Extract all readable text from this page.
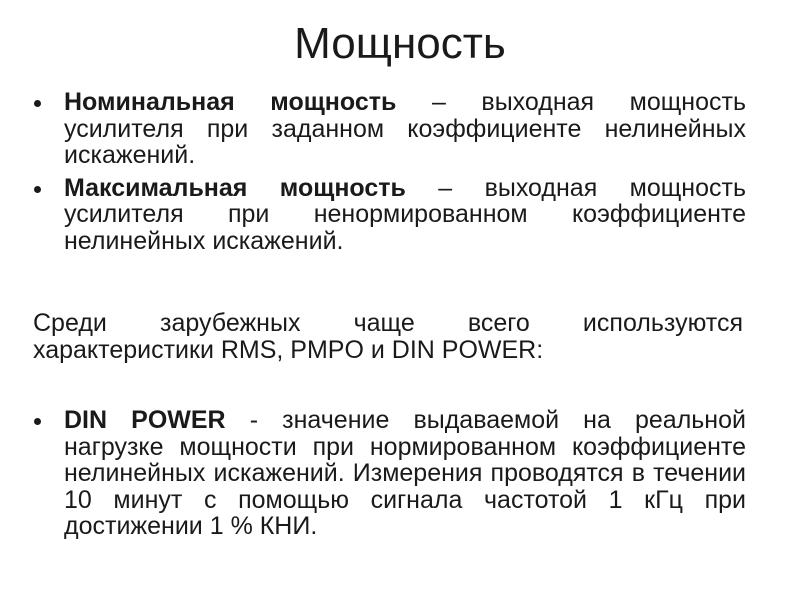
Мощность
Номинальная мощность – выходная мощность усилителя при заданном коэффициенте нелинейных искажений.
Максимальная мощность – выходная мощность усилителя при ненормированном коэффициенте нелинейных искажений.

Среди зарубежных чаще всего используются характеристики RMS, PMPO и DIN POWER:

DIN POWER - значение выдаваемой на реальной нагрузке мощности при нормированном коэффициенте нелинейных искажений. Измерения проводятся в течении 10 минут с помощью сигнала частотой 1 кГц при достижении 1 % КНИ.
